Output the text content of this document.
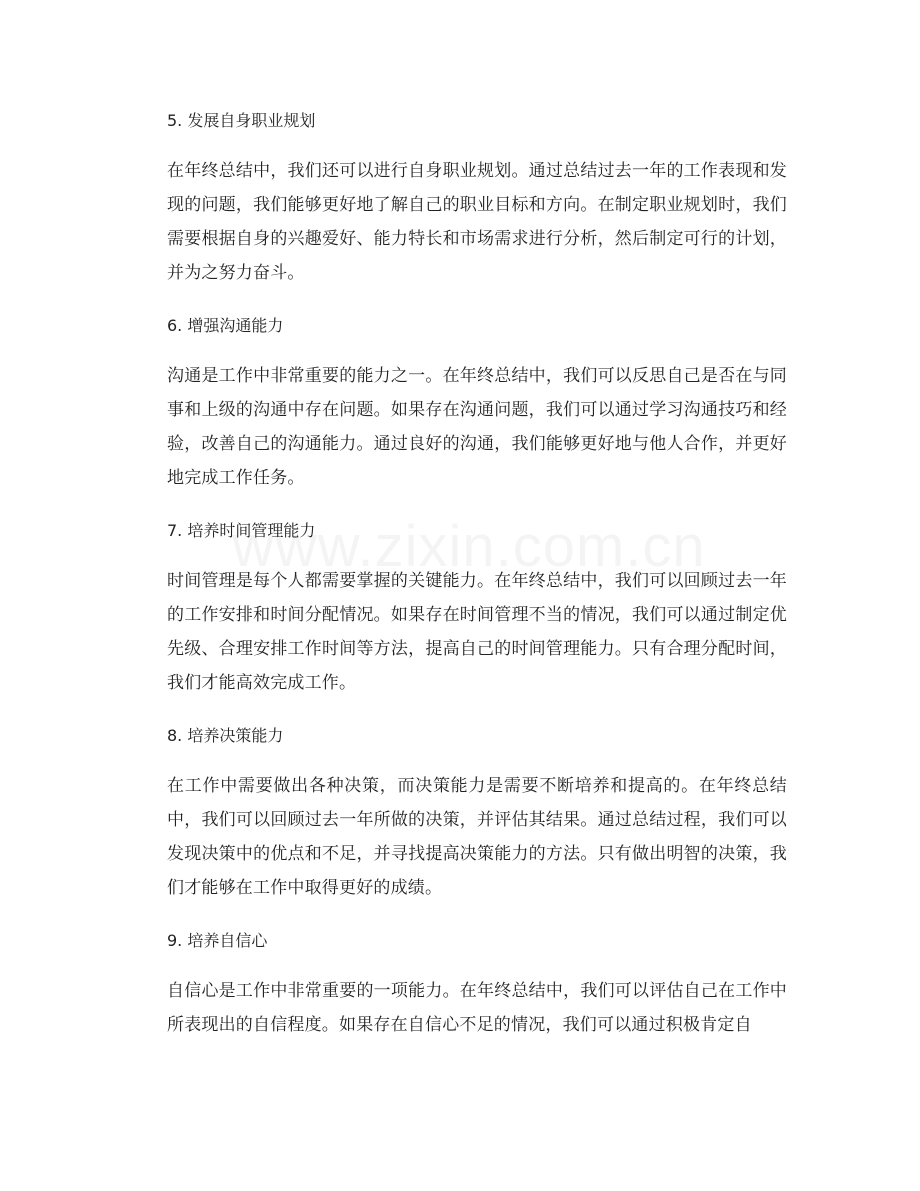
5. 发展自身职业规划

在年终总结中，我们还可以进行自身职业规划。通过总结过去一年的工作表现和发现的问题，我们能够更好地了解自己的职业目标和方向。在制定职业规划时，我们需要根据自身的兴趣爱好、能力特长和市场需求进行分析，然后制定可行的计划，并为之努力奋斗。

6. 增强沟通能力

沟通是工作中非常重要的能力之一。在年终总结中，我们可以反思自己是否在与同事和上级的沟通中存在问题。如果存在沟通问题，我们可以通过学习沟通技巧和经验，改善自己的沟通能力。通过良好的沟通，我们能够更好地与他人合作，并更好地完成工作任务。

7. 培养时间管理能力

时间管理是每个人都需要掌握的关键能力。在年终总结中，我们可以回顾过去一年的工作安排和时间分配情况。如果存在时间管理不当的情况，我们可以通过制定优先级、合理安排工作时间等方法，提高自己的时间管理能力。只有合理分配时间，我们才能高效完成工作。

8. 培养决策能力

在工作中需要做出各种决策，而决策能力是需要不断培养和提高的。在年终总结中，我们可以回顾过去一年所做的决策，并评估其结果。通过总结过程，我们可以发现决策中的优点和不足，并寻找提高决策能力的方法。只有做出明智的决策，我们才能够在工作中取得更好的成绩。

9. 培养自信心

自信心是工作中非常重要的一项能力。在年终总结中，我们可以评估自己在工作中所表现出的自信程度。如果存在自信心不足的情况，我们可以通过积极肯定自
